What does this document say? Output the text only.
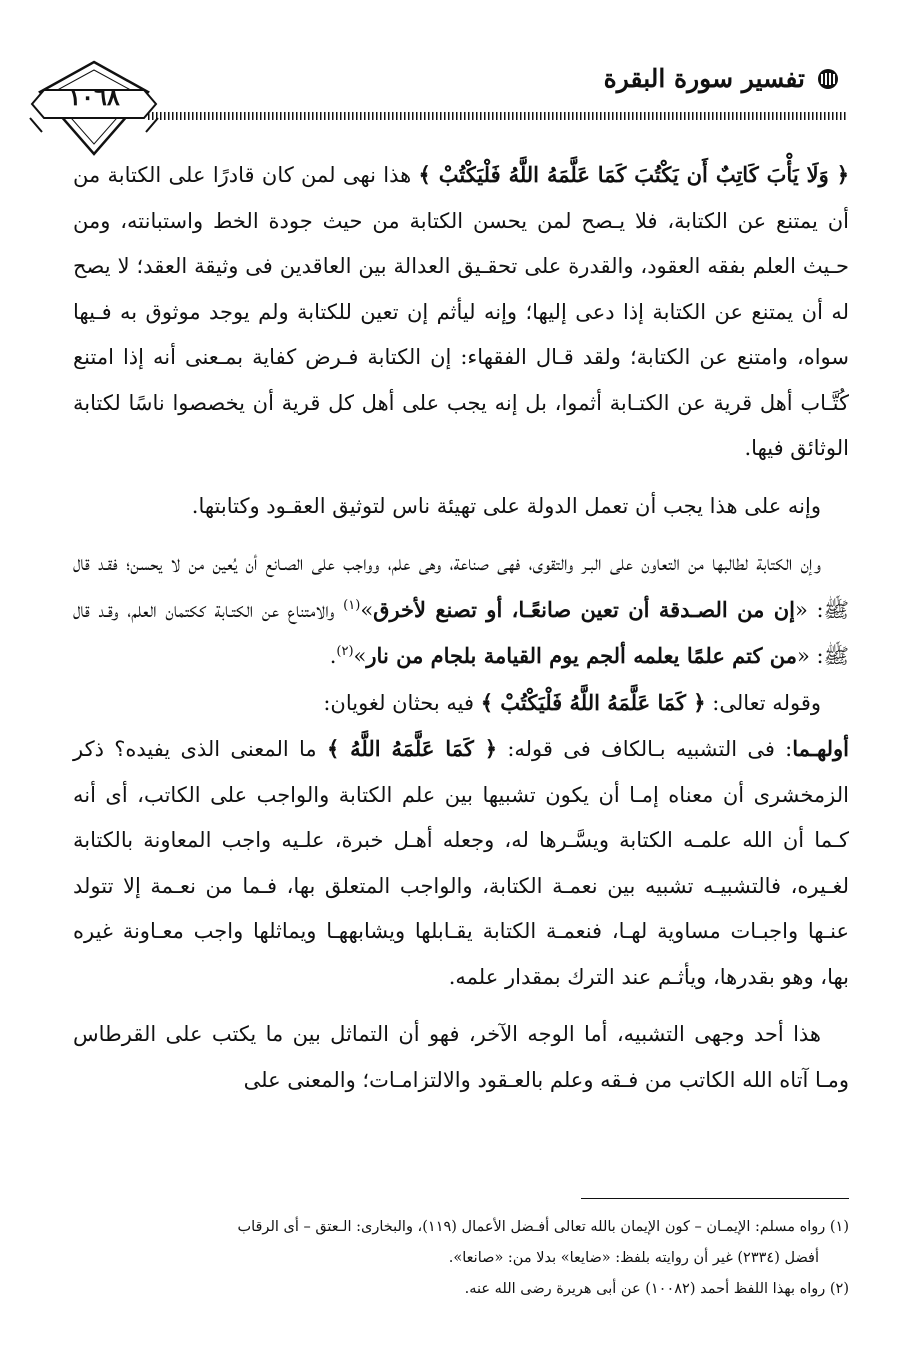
تفسير سورة البقرة
١٠٦٨

﴿ وَلَا يَأْبَ كَاتِبٌ أَن يَكْتُبَ كَمَا عَلَّمَهُ اللَّهُ فَلْيَكْتُبْ ﴾ هذا نهى لمن كان قادرًا على الكتابة من أن يمتنع عن الكتابة، فلا يـصح لمن يحسن الكتابة من حيث جودة الخط واستبانته، ومن حـيث العلم بفقه العقود، والقدرة على تحقـيق العدالة بين العاقدين فى وثيقة العقد؛ لا يصح له أن يمتنع عن الكتابة إذا دعى إليها؛ وإنه ليأثم إن تعين للكتابة ولم يوجد موثوق به فـيها سواه، وامتنع عن الكتابة؛ ولقد قـال الفقهاء: إن الكتابة فـرض كفاية بمـعنى أنه إذا امتنع كُتَّـاب أهل قرية عن الكتـابة أثموا، بل إنه يجب على أهل كل قرية أن يخصصوا ناسًا لكتابة الوثائق فيها.

وإنه على هذا يجب أن تعمل الدولة على تهيئة ناس لتوثيق العقـود وكتابتها.

وإن الكتابة لطالبها من التعاون على البـر والتقوى، فهى صناعة، وهى علم، وواجب على الصـانع أن يُعين من لا يحسن؛ فقـد قال ﷺ: «إن من الصـدقة أن تعين صانعًـا، أو تصنع لأخرق»$^{(١)}$ والامتناع عن الكتـابة ككتمان العلم، وقـد قال ﷺ: «من كتم علمًا يعلمه ألجم يوم القيامة بلجام من نار»$^{(٢)}$.

وقوله تعالى: ﴿ كَمَا عَلَّمَهُ اللَّهُ فَلْيَكْتُبْ ﴾ فيه بحثان لغويان:

أولهـما: فى التشبيه بـالكاف فى قوله: ﴿ كَمَا عَلَّمَهُ اللَّهُ ﴾ ما المعنى الذى يفيده؟ ذكر الزمخشرى أن معناه إمـا أن يكون تشبيها بين علم الكتابة والواجب على الكاتب، أى أنه كـما أن الله علمـه الكتابة ويسَّـرها له، وجعله أهـل خبرة، علـيه واجب المعاونة بالكتابة لغـيره، فالتشبيـه تشبيه بين نعمـة الكتابة، والواجب المتعلق بها، فـما من نعـمة إلا تتولد عنـها واجبـات مساوية لهـا، فنعمـة الكتابة يقـابلها ويشابههـا ويماثلها واجب معـاونة غيره بها، وهو بقدرها، ويأثـم عند الترك بمقدار علمه.

هذا أحد وجهى التشبيه، أما الوجه الآخر، فهو أن التماثل بين ما يكتب على القرطاس ومـا آتاه الله الكاتب من فـقه وعلم بالعـقود والالتزامـات؛ والمعنى على

(١) رواه مسلم: الإيمـان – كون الإيمان بالله تعالى أفـضل الأعمال (١١٩)، والبخارى: الـعتق – أى الرقاب

أفضل (٢٣٣٤) غير أن روايته بلفظ: «ضايعا» بدلا من: «صانعا».

(٢) رواه بهذا اللفظ أحمد (١٠٠٨٢) عن أبى هريرة رضى الله عنه.
